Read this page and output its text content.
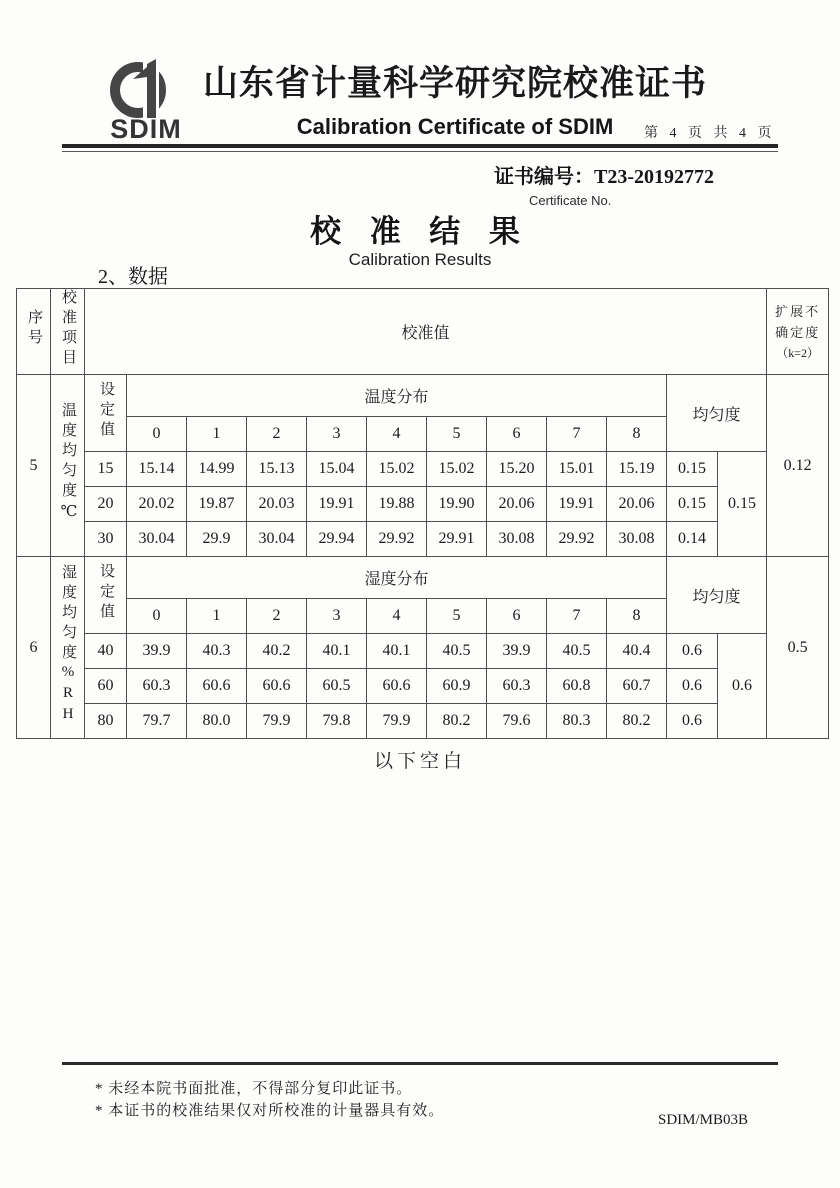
SDIM
山东省计量科学研究院校准证书
Calibration Certificate of SDIM	第 4 页 共 4 页
证书编号：T23-20192772
Certificate No.
校 准 结 果
Calibration Results
2、数据
序号	校准项目	校准值												扩展不确定度
（k=2）

5	温度均匀度℃	设定值	温度分布									均匀度		0.12
			0	1	2	3	4	5	6	7	8			
		15	15.14	14.99	15.13	15.04	15.02	15.02	15.20	15.01	15.19	0.15	0.15	
		20	20.02	19.87	20.03	19.91	19.88	19.90	20.06	19.91	20.06	0.15		
		30	30.04	29.9	30.04	29.94	29.92	29.91	30.08	29.92	30.08	0.14		
6	湿度均匀度%RH	设定值	湿度分布									均匀度		0.5
			0	1	2	3	4	5	6	7	8			
		40	39.9	40.3	40.2	40.1	40.1	40.5	39.9	40.5	40.4	0.6	0.6	
		60	60.3	60.6	60.6	60.5	60.6	60.9	60.3	60.8	60.7	0.6		
		80	79.7	80.0	79.9	79.8	79.9	80.2	79.6	80.3	80.2	0.6		
以下空白
* 未经本院书面批准，不得部分复印此证书。
* 本证书的校准结果仅对所校准的计量器具有效。
SDIM/MB03B
